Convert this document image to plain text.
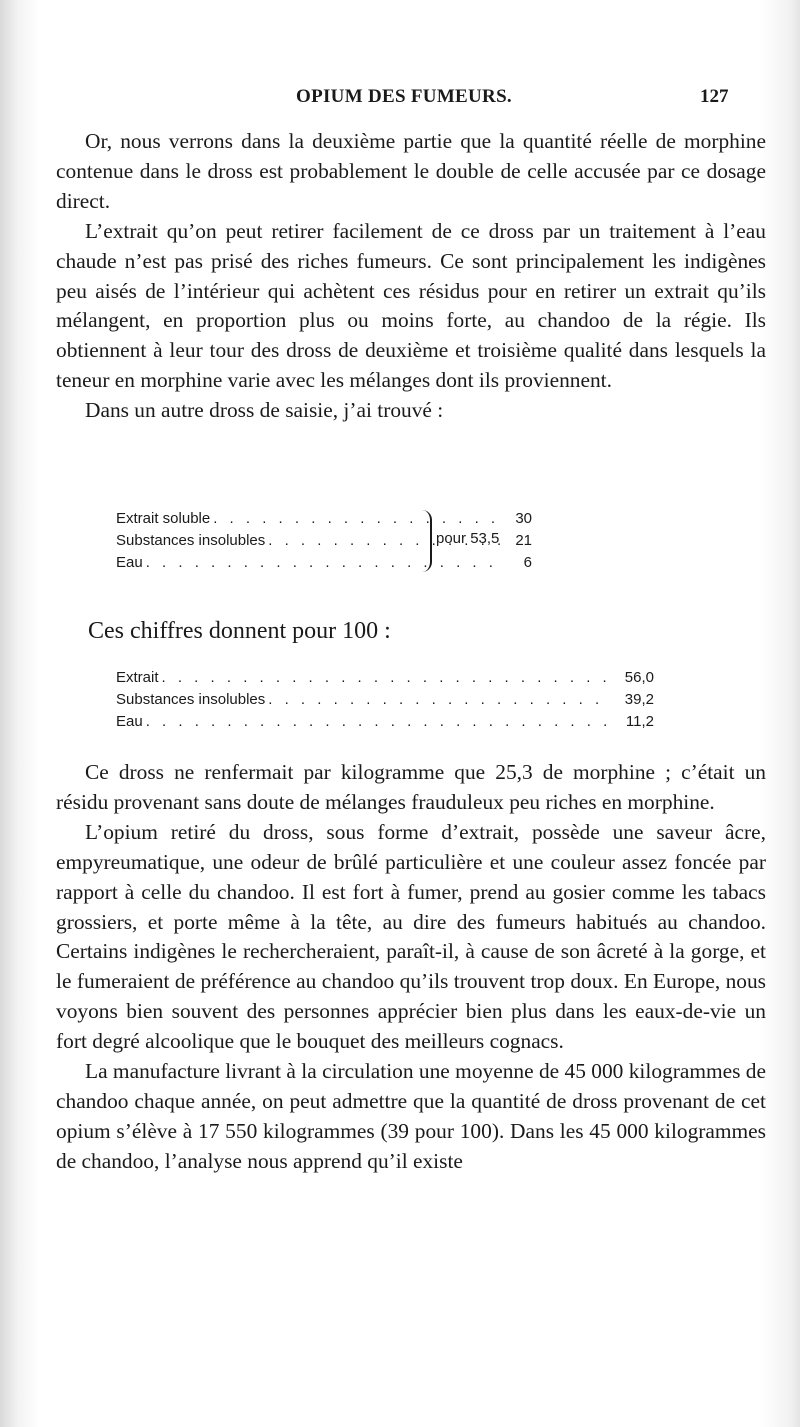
OPIUM DES FUMEURS.	127

Or, nous verrons dans la deuxième partie que la quantité réelle de morphine contenue dans le dross est probablement le double de celle accusée par ce dosage direct.

L’extrait qu’on peut retirer facilement de ce dross par un traitement à l’eau chaude n’est pas prisé des riches fumeurs. Ce sont principalement les indigènes peu aisés de l’intérieur qui achètent ces résidus pour en retirer un extrait qu’ils mélangent, en proportion plus ou moins forte, au chandoo de la régie. Ils obtiennent à leur tour des dross de deuxième et troisième qualité dans lesquels la teneur en morphine varie avec les mélanges dont ils proviennent.

Dans un autre dross de saisie, j’ai trouvé :

Extrait soluble . . .	30
Substances insolubles . . .	21
Eau . . .	6
pour 53,5
Ces chiffres donnent pour 100 :
Extrait . . .	56,0
Substances insolubles . . .	39,2
Eau . . .	11,2

Ce dross ne renfermait par kilogramme que 25,3 de morphine ; c’était un résidu provenant sans doute de mélanges frauduleux peu riches en morphine.

L’opium retiré du dross, sous forme d’extrait, possède une saveur âcre, empyreumatique, une odeur de brûlé particulière et une couleur assez foncée par rapport à celle du chandoo. Il est fort à fumer, prend au gosier comme les tabacs grossiers, et porte même à la tête, au dire des fumeurs habitués au chandoo. Certains indigènes le rechercheraient, paraît-il, à cause de son âcreté à la gorge, et le fumeraient de préférence au chandoo qu’ils trouvent trop doux. En Europe, nous voyons bien souvent des personnes apprécier bien plus dans les eaux-de-vie un fort degré alcoolique que le bouquet des meilleurs cognacs.

La manufacture livrant à la circulation une moyenne de 45 000 kilogrammes de chandoo chaque année, on peut admettre que la quantité de dross provenant de cet opium s’élève à 17 550 kilogrammes (39 pour 100). Dans les 45 000 kilogrammes de chandoo, l’analyse nous apprend qu’il existe
